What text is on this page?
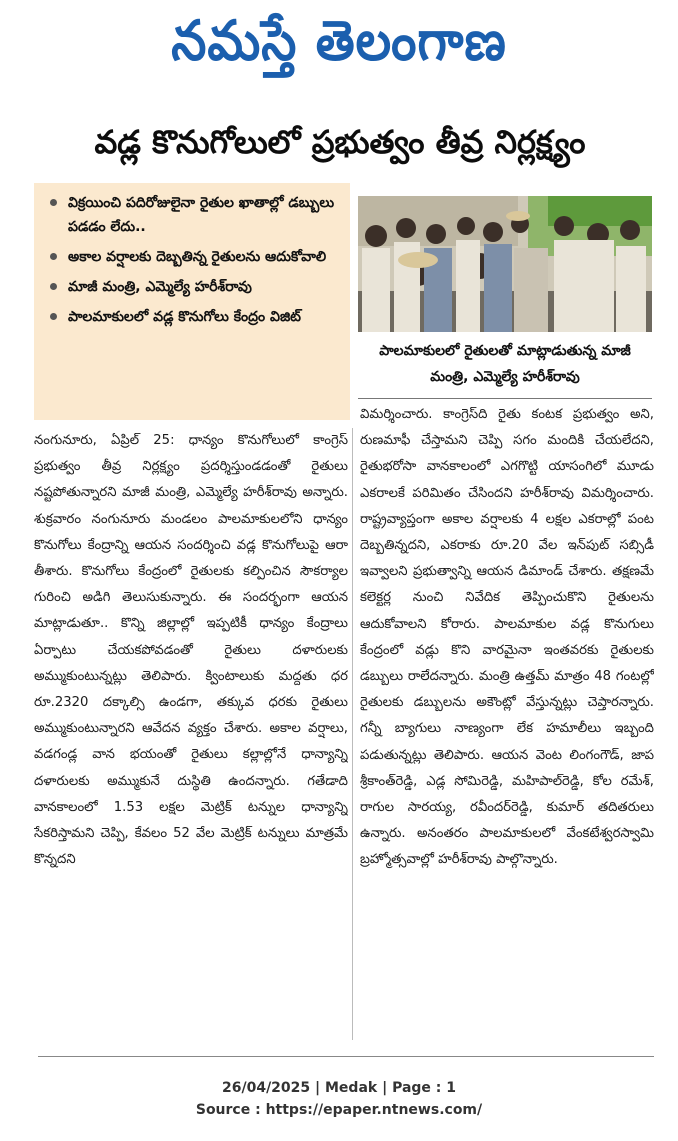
నమస్తే తెలంగాణ
వడ్ల కొనుగోలులో ప్రభుత్వం తీవ్ర నిర్లక్ష్యం
విక్రయించి పదిరోజులైనా రైతుల ఖాతాల్లో డబ్బులు పడడం లేదు..
అకాల వర్షాలకు దెబ్బతిన్న రైతులను ఆదుకోవాలి
మాజీ మంత్రి, ఎమ్మెల్యే హరీశ్‌రావు
పాలమాకులలో వడ్ల కొనుగోలు కేంద్రం విజిట్
పాలమాకులలో రైతులతో మాట్లాడుతున్న మాజీ మంత్రి, ఎమ్మెల్యే హరీశ్‌రావు
నంగునూరు, ఏప్రిల్ 25: ధాన్యం కొనుగోలులో కాంగ్రెస్ ప్రభుత్వం తీవ్ర నిర్లక్ష్యం ప్రదర్శిస్తుండడంతో రైతులు నష్టపోతున్నారని మాజీ మంత్రి, ఎమ్మెల్యే హరీశ్‌రావు అన్నారు. శుక్రవారం నంగునూరు మండలం పాలమాకులలోని ధాన్యం కొనుగోలు కేంద్రాన్ని ఆయన సందర్శించి వడ్ల కొనుగోలుపై ఆరా తీశారు. కొనుగోలు కేంద్రంలో రైతులకు కల్పించిన సౌకర్యాల గురించి అడిగి తెలుసుకున్నారు. ఈ సందర్భంగా ఆయన మాట్లాడుతూ.. కొన్ని జిల్లాల్లో ఇప్పటికీ ధాన్యం కేంద్రాలు ఏర్పాటు చేయకపోవడంతో రైతులు దళారులకు అమ్ముకుంటున్నట్లు తెలిపారు. క్వింటాలుకు మద్దతు ధర రూ.2320 దక్కాల్సి ఉండగా, తక్కువ ధరకు రైతులు అమ్ముకుంటున్నారని ఆవేదన వ్యక్తం చేశారు. అకాల వర్షాలు, వడగండ్ల వాన భయంతో రైతులు కల్లాల్లోనే ధాన్యాన్ని దళారులకు అమ్ముకునే దుస్థితి ఉందన్నారు. గతేడాది వానకాలంలో 1.53 లక్షల మెట్రిక్ టన్నుల ధాన్యాన్ని సేకరిస్తామని చెప్పి, కేవలం 52 వేల మెట్రిక్ టన్నులు మాత్రమే కొన్నదని
విమర్శించారు. కాంగ్రెస్‌ది రైతు కంటక ప్రభుత్వం అని, రుణమాఫీ చేస్తామని చెప్పి సగం మందికి చేయలేదని, రైతుభరోసా వానకాలంలో ఎగగొట్టి యాసంగిలో మూడు ఎకరాలకే పరిమితం చేసిందని హరీశ్‌రావు విమర్శించారు. రాష్ట్రవ్యాప్తంగా అకాల వర్షాలకు 4 లక్షల ఎకరాల్లో పంట దెబ్బతిన్నదని, ఎకరాకు రూ.20 వేల ఇన్‌పుట్ సబ్సిడీ ఇవ్వాలని ప్రభుత్వాన్ని ఆయన డిమాండ్ చేశారు. తక్షణమే కలెక్టర్ల నుంచి నివేదిక తెప్పించుకొని రైతులను ఆదుకోవాలని కోరారు. పాలమాకుల వడ్ల కొనుగులు కేంద్రంలో వడ్లు కొని వారమైనా ఇంతవరకు రైతులకు డబ్బులు రాలేదన్నారు. మంత్రి ఉత్తమ్ మాత్రం 48 గంటల్లో రైతులకు డబ్బులను అకౌంట్లో వేస్తున్నట్లు చెప్తారన్నారు. గన్నీ బ్యాగులు నాణ్యంగా లేక హమాలీలు ఇబ్బంది పడుతున్నట్లు తెలిపారు. ఆయన వెంట లింగంగౌడ్, జాప శ్రీకాంత్‌రెడ్డి, ఎడ్ల సోమిరెడ్డి, మహిపాల్‌రెడ్డి, కోల రమేశ్, రాగుల సారయ్య, రవీందర్‌రెడ్డి, కుమార్ తదితరులు ఉన్నారు. అనంతరం పాలమాకులలో వేంకటేశ్వరస్వామి బ్రహ్మోత్సవాల్లో హరీశ్‌రావు పాల్గొన్నారు.
26/04/2025 | Medak | Page : 1
Source : https://epaper.ntnews.com/
